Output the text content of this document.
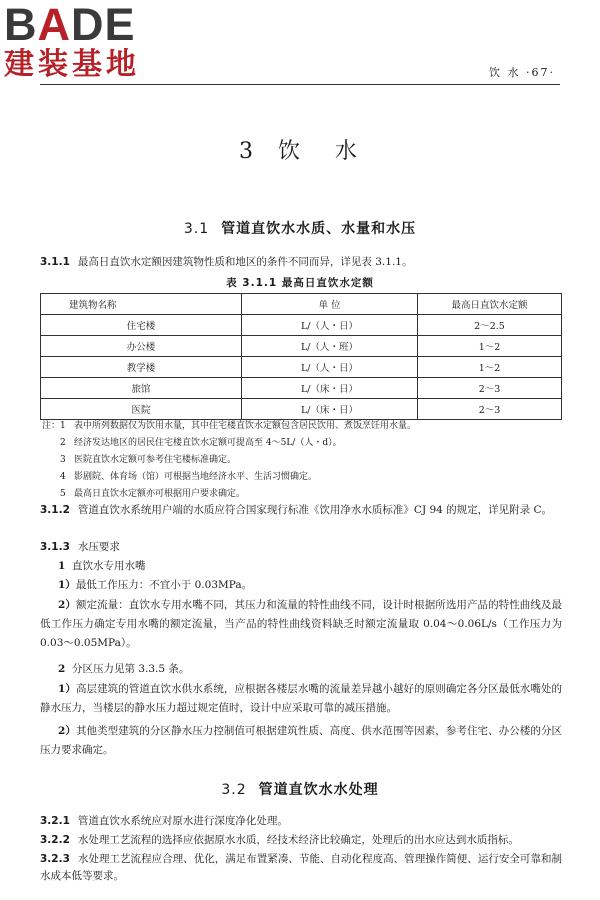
BADE
建装基地	饮 水 ·67·
3 饮 水
3.1 管道直饮水水质、水量和水压

3.1.1 最高日直饮水定额因建筑物性质和地区的条件不同而异，详见表 3.1.1。

表 3.1.1 最高日直饮水定额
建筑物名称	单 位	最高日直饮水定额
住宅楼	L/（人・日）	2～2.5
办公楼	L/（人・班）	1～2
教学楼	L/（人・日）	1～2
旅馆	L/（床・日）	2～3
医院	L/（床・日）	2～3
注： 1 表中所列数据仅为饮用水量，其中住宅楼直饮水定额包含居民饮用、煮饭烹饪用水量。
2 经济发达地区的居民住宅楼直饮水定额可提高至 4～5L/（人・d）。
3 医院直饮水定额可参考住宅楼标准确定。
4 影剧院、体育场（馆）可根据当地经济水平、生活习惯确定。
5 最高日直饮水定额亦可根据用户要求确定。

3.1.2 管道直饮水系统用户端的水质应符合国家现行标准《饮用净水水质标准》CJ 94 的规定，详见附录 C。

3.1.3 水压要求

1 直饮水专用水嘴

1）最低工作压力：不宜小于 0.03MPa。

2）额定流量：直饮水专用水嘴不同，其压力和流量的特性曲线不同，设计时根据所选用产品的特性曲线及最低工作压力确定专用水嘴的额定流量，当产品的特性曲线资料缺乏时额定流量取 0.04～0.06L/s（工作压力为 0.03～0.05MPa）。

2 分区压力见第 3.3.5 条。

1）高层建筑的管道直饮水供水系统，应根据各楼层水嘴的流量差异越小越好的原则确定各分区最低水嘴处的静水压力，当楼层的静水压力超过规定值时，设计中应采取可靠的减压措施。

2）其他类型建筑的分区静水压力控制值可根据建筑性质、高度、供水范围等因素，参考住宅、办公楼的分区压力要求确定。

3.2 管道直饮水水处理

3.2.1 管道直饮水系统应对原水进行深度净化处理。

3.2.2 水处理工艺流程的选择应依据原水水质，经技术经济比较确定，处理后的出水应达到水质指标。

3.2.3 水处理工艺流程应合理、优化，满足布置紧凑、节能、自动化程度高、管理操作简便、运行安全可靠和制水成本低等要求。
